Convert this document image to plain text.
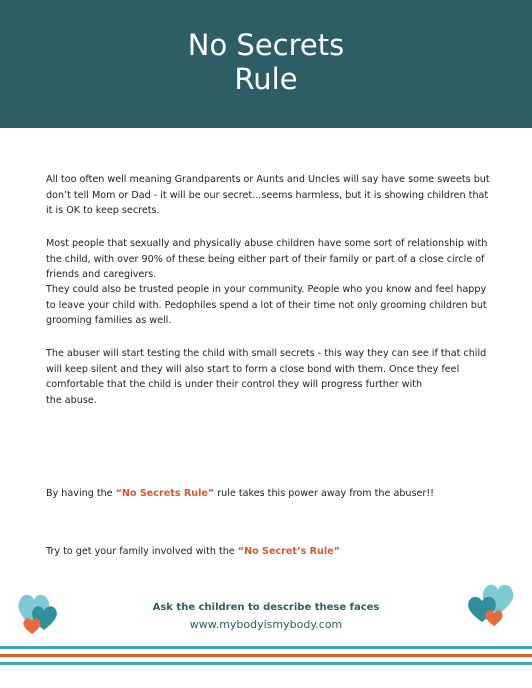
No Secrets
Rule

All too often well meaning Grandparents or Aunts and Uncles will say have some sweets but don’t tell Mom or Dad - it will be our secret...seems harmless, but it is showing children that it is OK to keep secrets.

Most people that sexually and physically abuse children have some sort of relationship with the child, with over 90% of these being either part of their family or part of a close circle of friends and caregivers.

They could also be trusted people in your community. People who you know and feel happy to leave your child with. Pedophiles spend a lot of their time not only grooming children but grooming families as well.

The abuser will start testing the child with small secrets - this way they can see if that child will keep silent and they will also start to form a close bond with them. Once they feel comfortable that the child is under their control they will progress further with
the abuse.

By having the “No Secrets Rule” rule takes this power away from the abuser!!

Try to get your family involved with the “No Secret’s Rule”

Ask the children to describe these faces
www.mybodyismybody.com
